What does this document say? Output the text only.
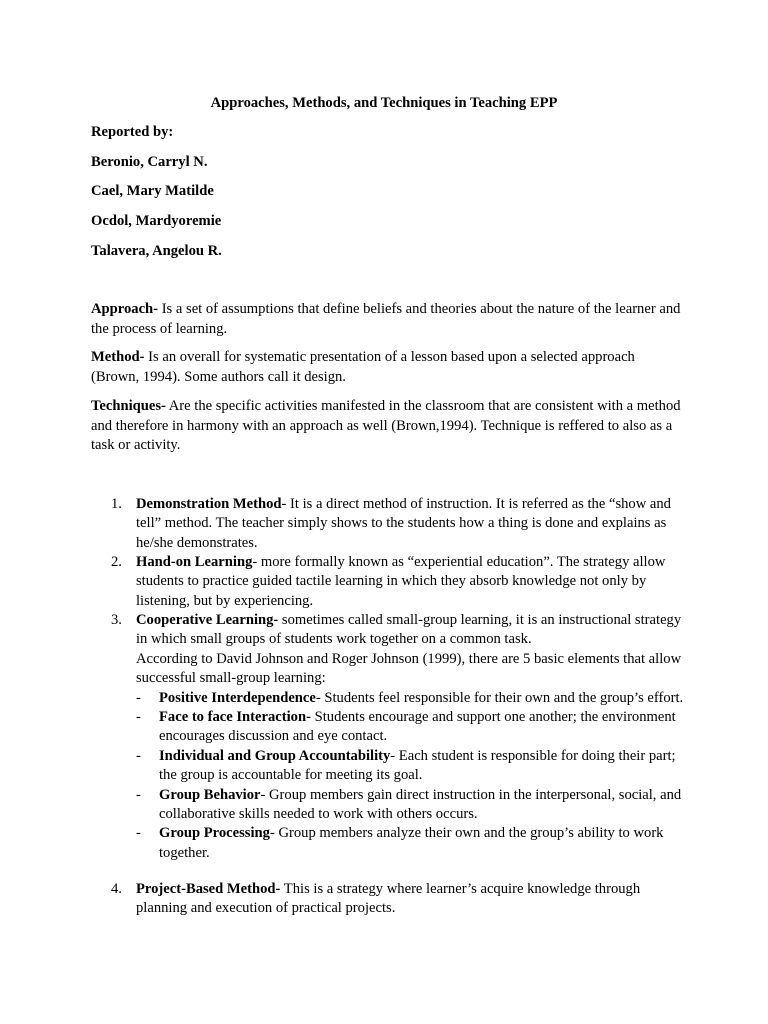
Approaches, Methods, and Techniques in Teaching EPP
Reported by:
Beronio, Carryl N.
Cael, Mary Matilde
Ocdol, Mardyoremie
Talavera, Angelou R.
Approach- Is a set of assumptions that define beliefs and theories about the nature of the learner and the process of learning.
Method- Is an overall for systematic presentation of a lesson based upon a selected approach (Brown, 1994). Some authors call it design.
Techniques- Are the specific activities manifested in the classroom that are consistent with a method and therefore in harmony with an approach as well (Brown,1994). Technique is reffered to also as a task or activity.
1. Demonstration Method- It is a direct method of instruction. It is referred as the “show and tell” method. The teacher simply shows to the students how a thing is done and explains as he/she demonstrates.
2. Hand-on Learning- more formally known as “experiential education”. The strategy allow students to practice guided tactile learning in which they absorb knowledge not only by listening, but by experiencing.
3. Cooperative Learning- sometimes called small-group learning, it is an instructional strategy in which small groups of students work together on a common task.
According to David Johnson and Roger Johnson (1999), there are 5 basic elements that allow successful small-group learning:
- Positive Interdependence- Students feel responsible for their own and the group’s effort.
- Face to face Interaction- Students encourage and support one another; the environment encourages discussion and eye contact.
- Individual and Group Accountability- Each student is responsible for doing their part; the group is accountable for meeting its goal.
- Group Behavior- Group members gain direct instruction in the interpersonal, social, and collaborative skills needed to work with others occurs.
- Group Processing- Group members analyze their own and the group’s ability to work together.
4. Project-Based Method- This is a strategy where learner’s acquire knowledge through planning and execution of practical projects.
